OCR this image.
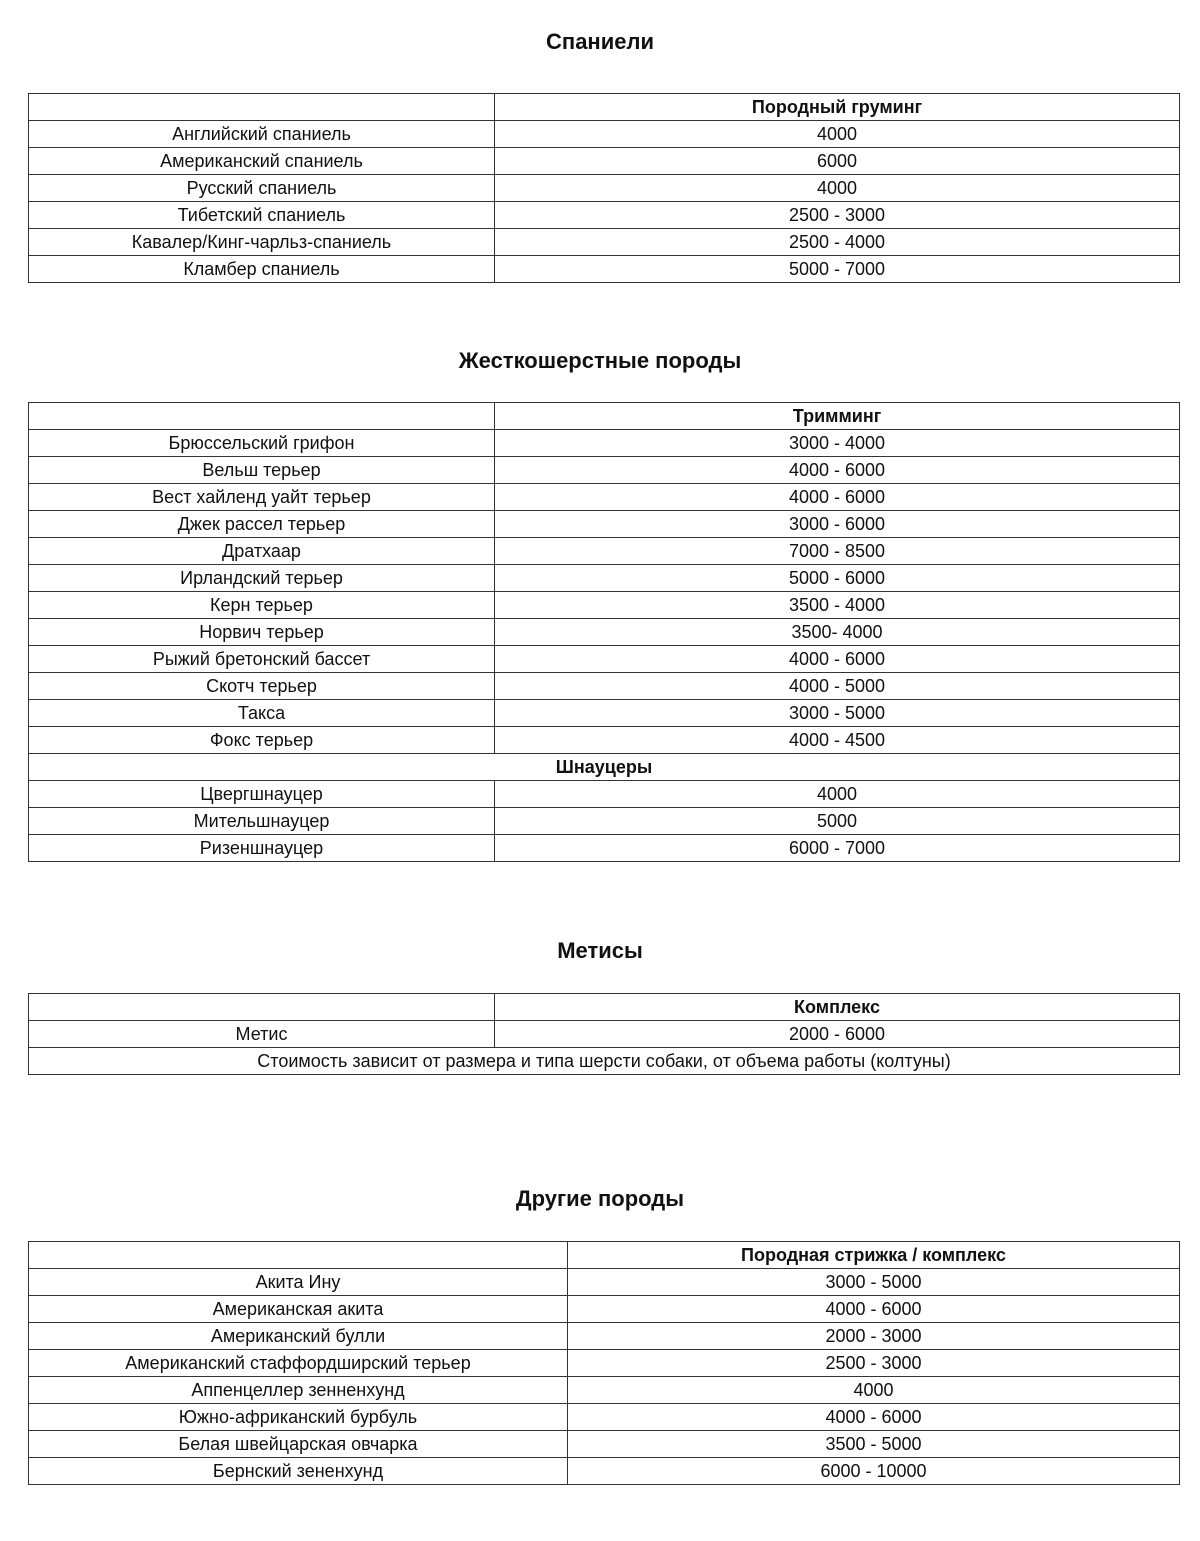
Спаниели
	Породный груминг
Английский спаниель	4000
Американский спаниель	6000
Русский спаниель	4000
Тибетский спаниель	2500 - 3000
Кавалер/Кинг-чарльз-спаниель	2500 - 4000
Кламбер спаниель	5000 - 7000
Жесткошерстные породы
	Тримминг
Брюссельский грифон	3000 - 4000
Вельш терьер	4000 - 6000
Вест хайленд уайт терьер	4000 - 6000
Джек рассел терьер	3000 - 6000
Дратхаар	7000 - 8500
Ирландский терьер	5000 - 6000
Керн терьер	3500 - 4000
Норвич терьер	3500- 4000
Рыжий бретонский бассет	4000 - 6000
Скотч терьер	4000 - 5000
Такса	3000 - 5000
Фокс терьер	4000 - 4500
Шнауцеры	
Цвергшнауцер	4000
Мительшнауцер	5000
Ризеншнауцер	6000 - 7000
Метисы
	Комплекс
Метис	2000 - 6000
Стоимость зависит от размера и типа шерсти собаки, от объема работы (колтуны)	
Другие породы
	Породная стрижка / комплекс
Акита Ину	3000 - 5000
Американская акита	4000 - 6000
Американский булли	2000 - 3000
Американский стаффордширский терьер	2500 - 3000
Аппенцеллер зенненхунд	4000
Южно-африканский бурбуль	4000 - 6000
Белая швейцарская овчарка	3500 - 5000
Бернский зененхунд	6000 - 10000
